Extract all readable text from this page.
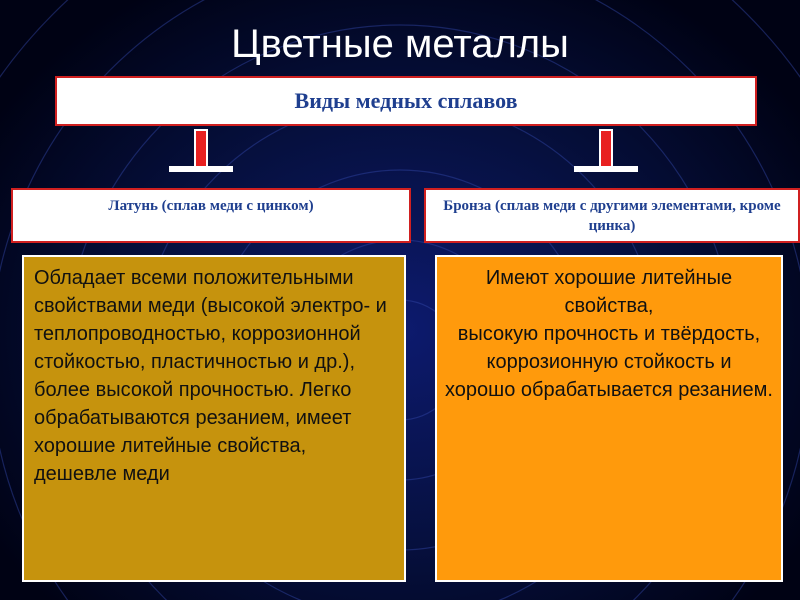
Цветные металлы
Виды медных сплавов
Латунь (сплав меди с цинком)	Бронза (сплав меди с другими элементами, кроме цинка)
Обладает всеми положительными свойствами меди (высокой электро- и теплопроводностью, коррозионной стойкостью, пластичностью и др.), более высокой прочностью. Легко обрабатываются резанием, имеет хорошие литейные свойства, дешевле меди
Имеют хорошие литейные свойства,
высокую прочность и твёрдость, коррозионную стойкость и
хорошо обрабатывается резанием.
